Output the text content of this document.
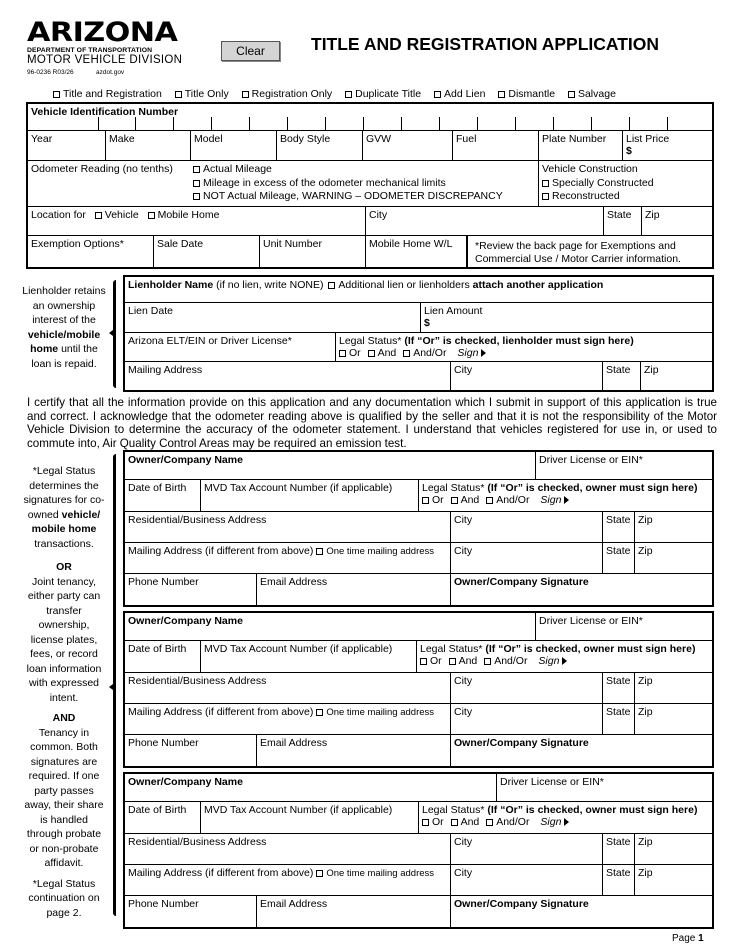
ARIZONA
DEPARTMENT OF TRANSPORTATION
MOTOR VEHICLE DIVISION
96-0236 R03/26	azdot.gov
Clear	TITLE AND REGISTRATION APPLICATION
Title and Registration Title Only Registration Only Duplicate Title Add Lien Dismantle Salvage
Vehicle Identification Number
Year	Make	Model	Body Style	GVW	Fuel	Plate Number	List Price
$
Odometer Reading (no tenths)	Actual Mileage
Mileage in excess of the odometer mechanical limits
NOT Actual Mileage, WARNING – ODOMETER DISCREPANCY
Vehicle Construction
Specially Constructed
Reconstructed
Location for Vehicle Mobile Home	City	State	Zip
Exemption Options*	Sale Date	Unit Number	Mobile Home W/L	*Review the back page for Exemptions and Commercial Use / Motor Carrier information.
Lienholder retains an ownership interest of the vehicle/mobile home until the loan is repaid.
Lienholder Name (if no lien, write NONE) Additional lien or lienholders attach another application
Lien Date	Lien Amount
$
Arizona ELT/EIN or Driver License*	Legal Status* (If “Or” is checked, lienholder must sign here)
Or And And/Or Sign
Mailing Address	City	State	Zip
I certify that all the information provide on this application and any documentation which I submit in support of this application is true and correct. I acknowledge that the odometer reading above is qualified by the seller and that it is not the responsibility of the Motor Vehicle Division to determine the accuracy of the odometer statement. I understand that vehicles registered for use in, or used to commute into, Air Quality Control Areas may be required an emission test.
*Legal Status determines the signatures for co-owned vehicle/ mobile home transactions.
OR
Joint tenancy, either party can transfer ownership, license plates, fees, or record loan information with expressed intent.
AND
Tenancy in common. Both signatures are required. If one party passes away, their share is handled through probate or non-probate affidavit.
*Legal Status continuation on page 2.
Owner/Company Name	Driver License or EIN*
Date of Birth	MVD Tax Account Number (if applicable)	Legal Status* (If “Or” is checked, owner must sign here)
Or And And/Or Sign
Residential/Business Address	City	State Zip
Mailing Address (if different from above) One time mailing address	City	State Zip
Phone Number	Email Address	Owner/Company Signature
Owner/Company Name	Driver License or EIN*
Date of Birth	MVD Tax Account Number (if applicable)	Legal Status* (If “Or” is checked, owner must sign here)
Or And And/Or Sign
Residential/Business Address	City	State Zip
Mailing Address (if different from above) One time mailing address	City	State Zip
Phone Number	Email Address	Owner/Company Signature
Owner/Company Name	Driver License or EIN*
Date of Birth	MVD Tax Account Number (if applicable)	Legal Status* (If “Or” is checked, owner must sign here)
Or And And/Or Sign
Residential/Business Address	City	State Zip
Mailing Address (if different from above) One time mailing address	City	State Zip
Phone Number	Email Address	Owner/Company Signature
Page 1
